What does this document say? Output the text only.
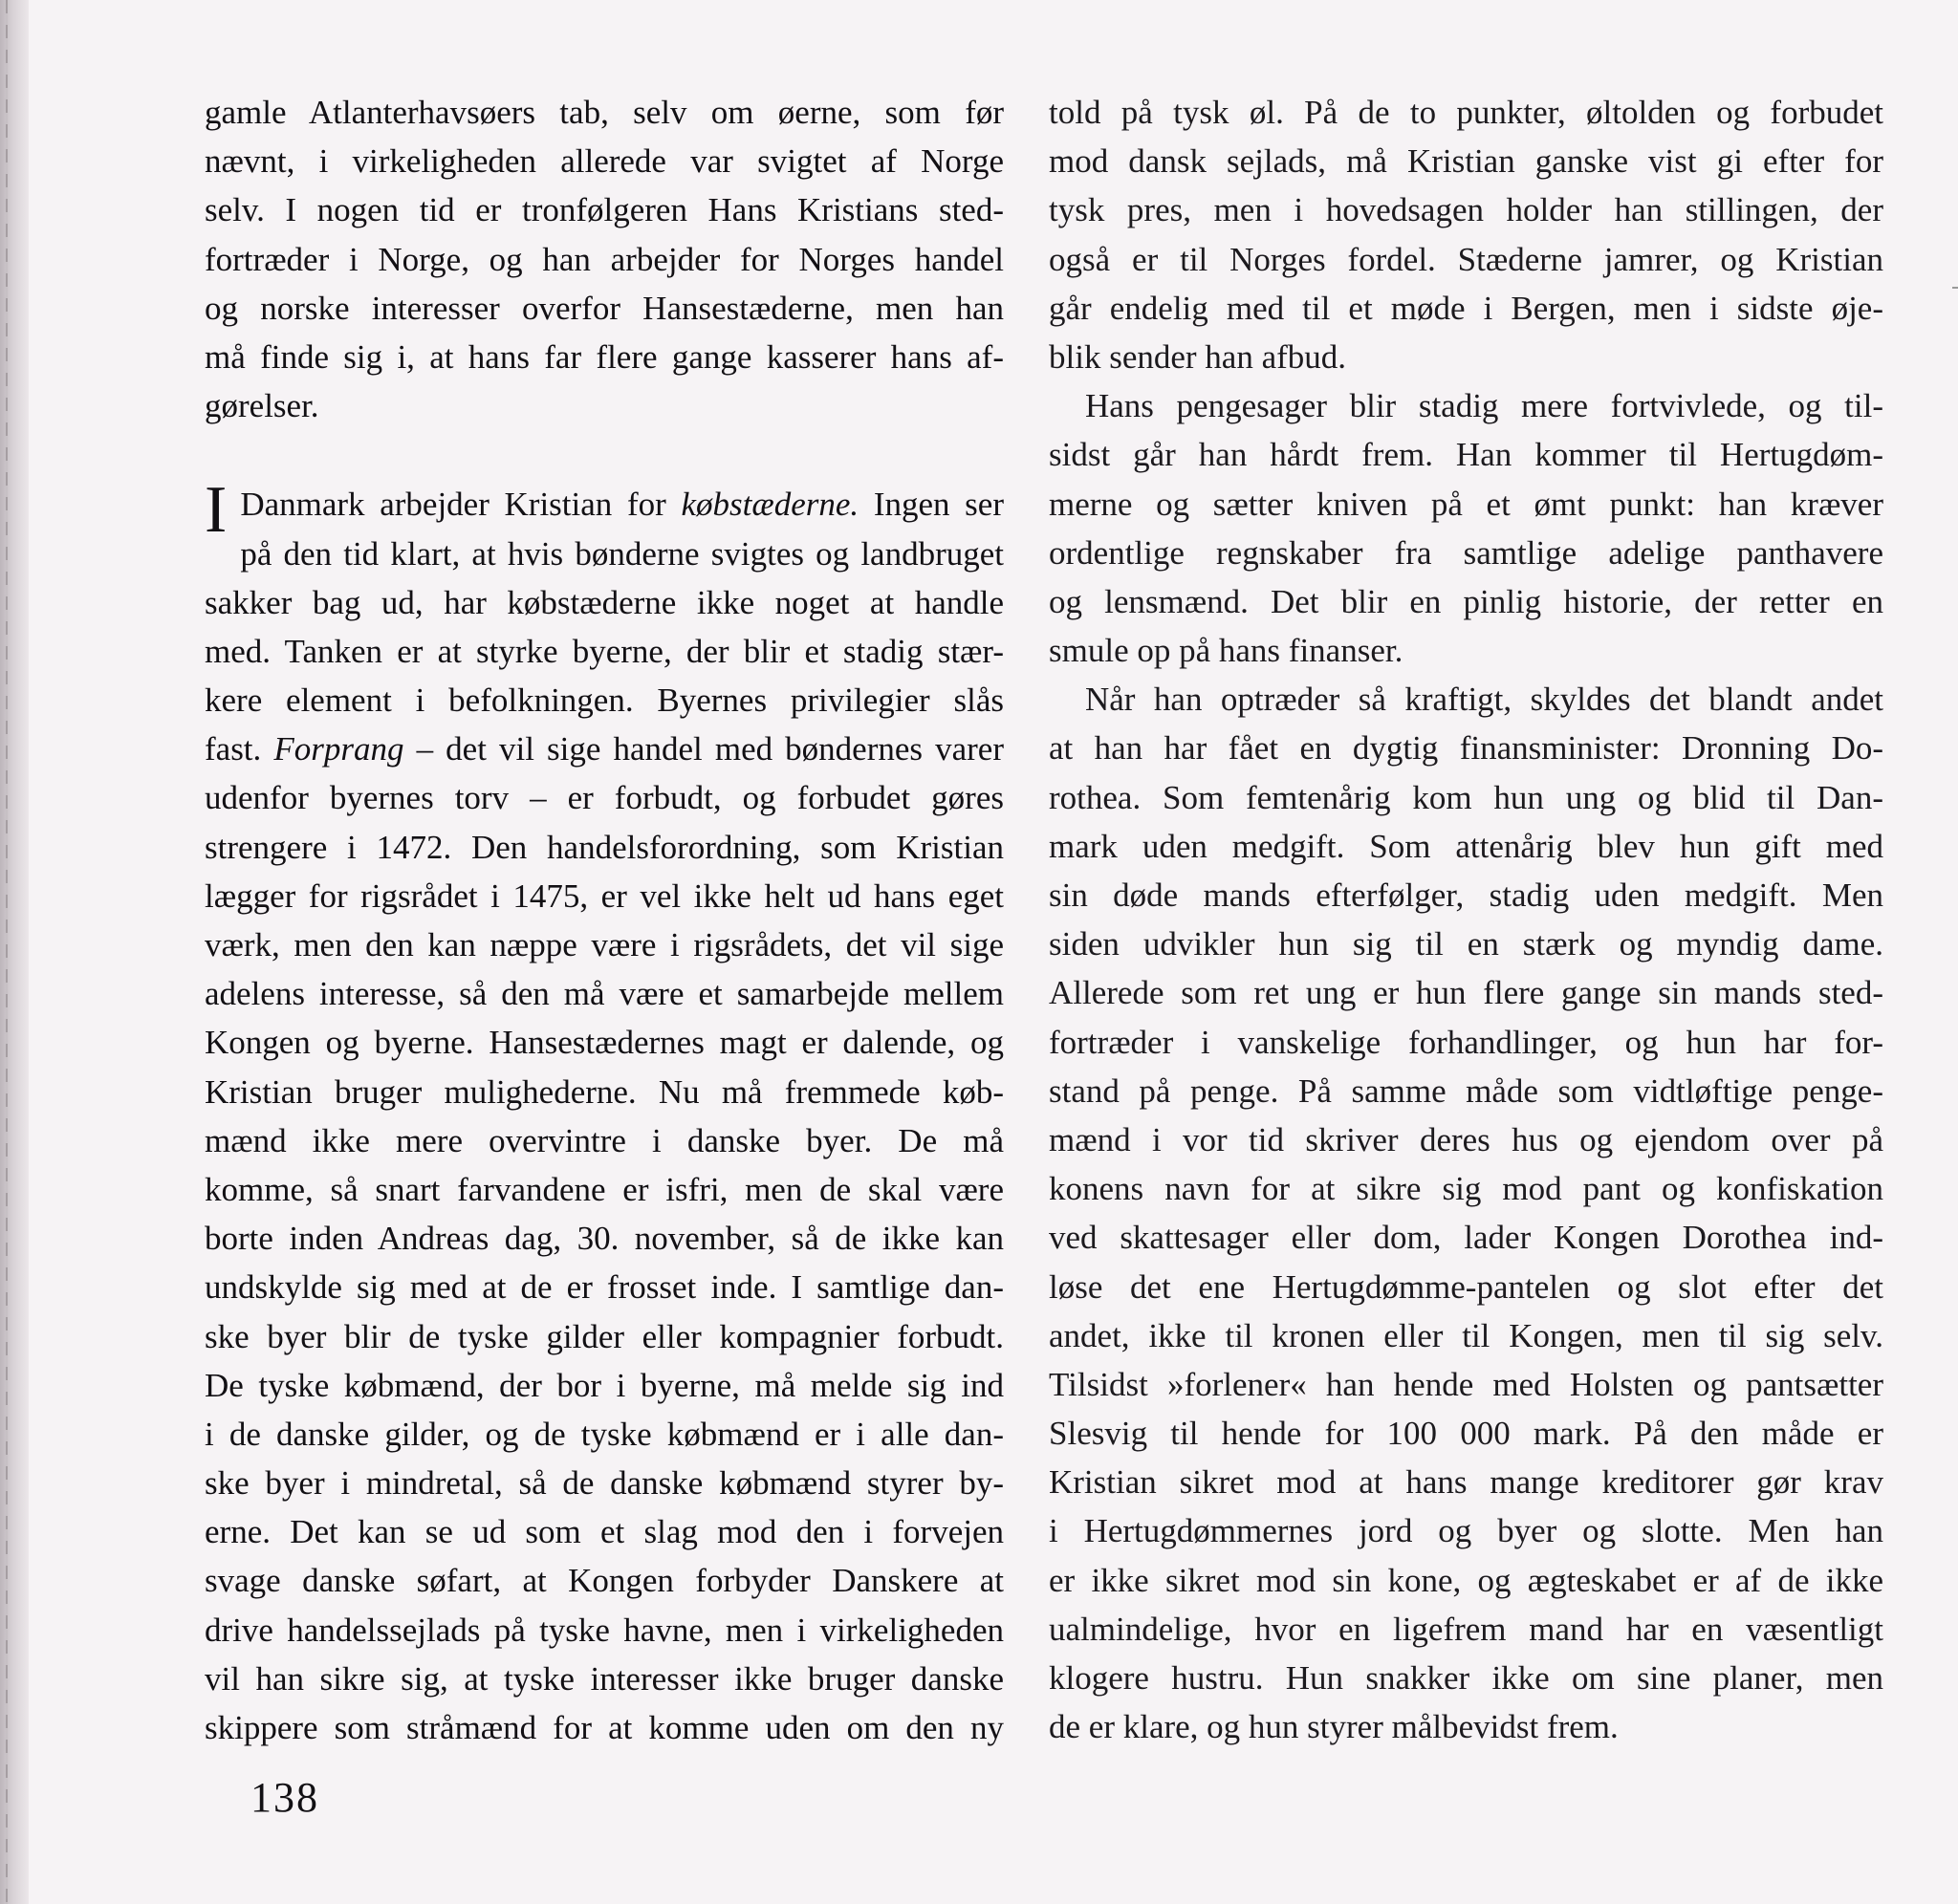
gamle Atlanterhavsøers tab, selv om øerne, som før
nævnt, i virkeligheden allerede var svigtet af Norge
selv. I nogen tid er tronfølgeren Hans Kristians sted-
fortræder i Norge, og han arbejder for Norges handel
og norske interesser overfor Hansestæderne, men han
må finde sig i, at hans far flere gange kasserer hans af-
gørelser.
I Danmark arbejder Kristian for købstæderne. Ingen ser
på den tid klart, at hvis bønderne svigtes og landbruget
sakker bag ud, har købstæderne ikke noget at handle
med. Tanken er at styrke byerne, der blir et stadig stær-
kere element i befolkningen. Byernes privilegier slås
fast. Forprang – det vil sige handel med bøndernes varer
udenfor byernes torv – er forbudt, og forbudet gøres
strengere i 1472. Den handelsforordning, som Kristian
lægger for rigsrådet i 1475, er vel ikke helt ud hans eget
værk, men den kan næppe være i rigsrådets, det vil sige
adelens interesse, så den må være et samarbejde mellem
Kongen og byerne. Hansestædernes magt er dalende, og
Kristian bruger mulighederne. Nu må fremmede køb-
mænd ikke mere overvintre i danske byer. De må
komme, så snart farvandene er isfri, men de skal være
borte inden Andreas dag, 30. november, så de ikke kan
undskylde sig med at de er frosset inde. I samtlige dan-
ske byer blir de tyske gilder eller kompagnier forbudt.
De tyske købmænd, der bor i byerne, må melde sig ind
i de danske gilder, og de tyske købmænd er i alle dan-
ske byer i mindretal, så de danske købmænd styrer by-
erne. Det kan se ud som et slag mod den i forvejen
svage danske søfart, at Kongen forbyder Danskere at
drive handelssejlads på tyske havne, men i virkeligheden
vil han sikre sig, at tyske interesser ikke bruger danske
skippere som stråmænd for at komme uden om den ny
told på tysk øl. På de to punkter, øltolden og forbudet
mod dansk sejlads, må Kristian ganske vist gi efter for
tysk pres, men i hovedsagen holder han stillingen, der
også er til Norges fordel. Stæderne jamrer, og Kristian
går endelig med til et møde i Bergen, men i sidste øje-
blik sender han afbud.
Hans pengesager blir stadig mere fortvivlede, og til-
sidst går han hårdt frem. Han kommer til Hertugdøm-
merne og sætter kniven på et ømt punkt: han kræver
ordentlige regnskaber fra samtlige adelige panthavere
og lensmænd. Det blir en pinlig historie, der retter en
smule op på hans finanser.
Når han optræder så kraftigt, skyldes det blandt andet
at han har fået en dygtig finansminister: Dronning Do-
rothea. Som femtenårig kom hun ung og blid til Dan-
mark uden medgift. Som attenårig blev hun gift med
sin døde mands efterfølger, stadig uden medgift. Men
siden udvikler hun sig til en stærk og myndig dame.
Allerede som ret ung er hun flere gange sin mands sted-
fortræder i vanskelige forhandlinger, og hun har for-
stand på penge. På samme måde som vidtløftige penge-
mænd i vor tid skriver deres hus og ejendom over på
konens navn for at sikre sig mod pant og konfiskation
ved skattesager eller dom, lader Kongen Dorothea ind-
løse det ene Hertugdømme-pantelen og slot efter det
andet, ikke til kronen eller til Kongen, men til sig selv.
Tilsidst »forlener« han hende med Holsten og pantsætter
Slesvig til hende for 100 000 mark. På den måde er
Kristian sikret mod at hans mange kreditorer gør krav
i Hertugdømmernes jord og byer og slotte. Men han
er ikke sikret mod sin kone, og ægteskabet er af de ikke
ualmindelige, hvor en ligefrem mand har en væsentligt
klogere hustru. Hun snakker ikke om sine planer, men
de er klare, og hun styrer målbevidst frem.
138
